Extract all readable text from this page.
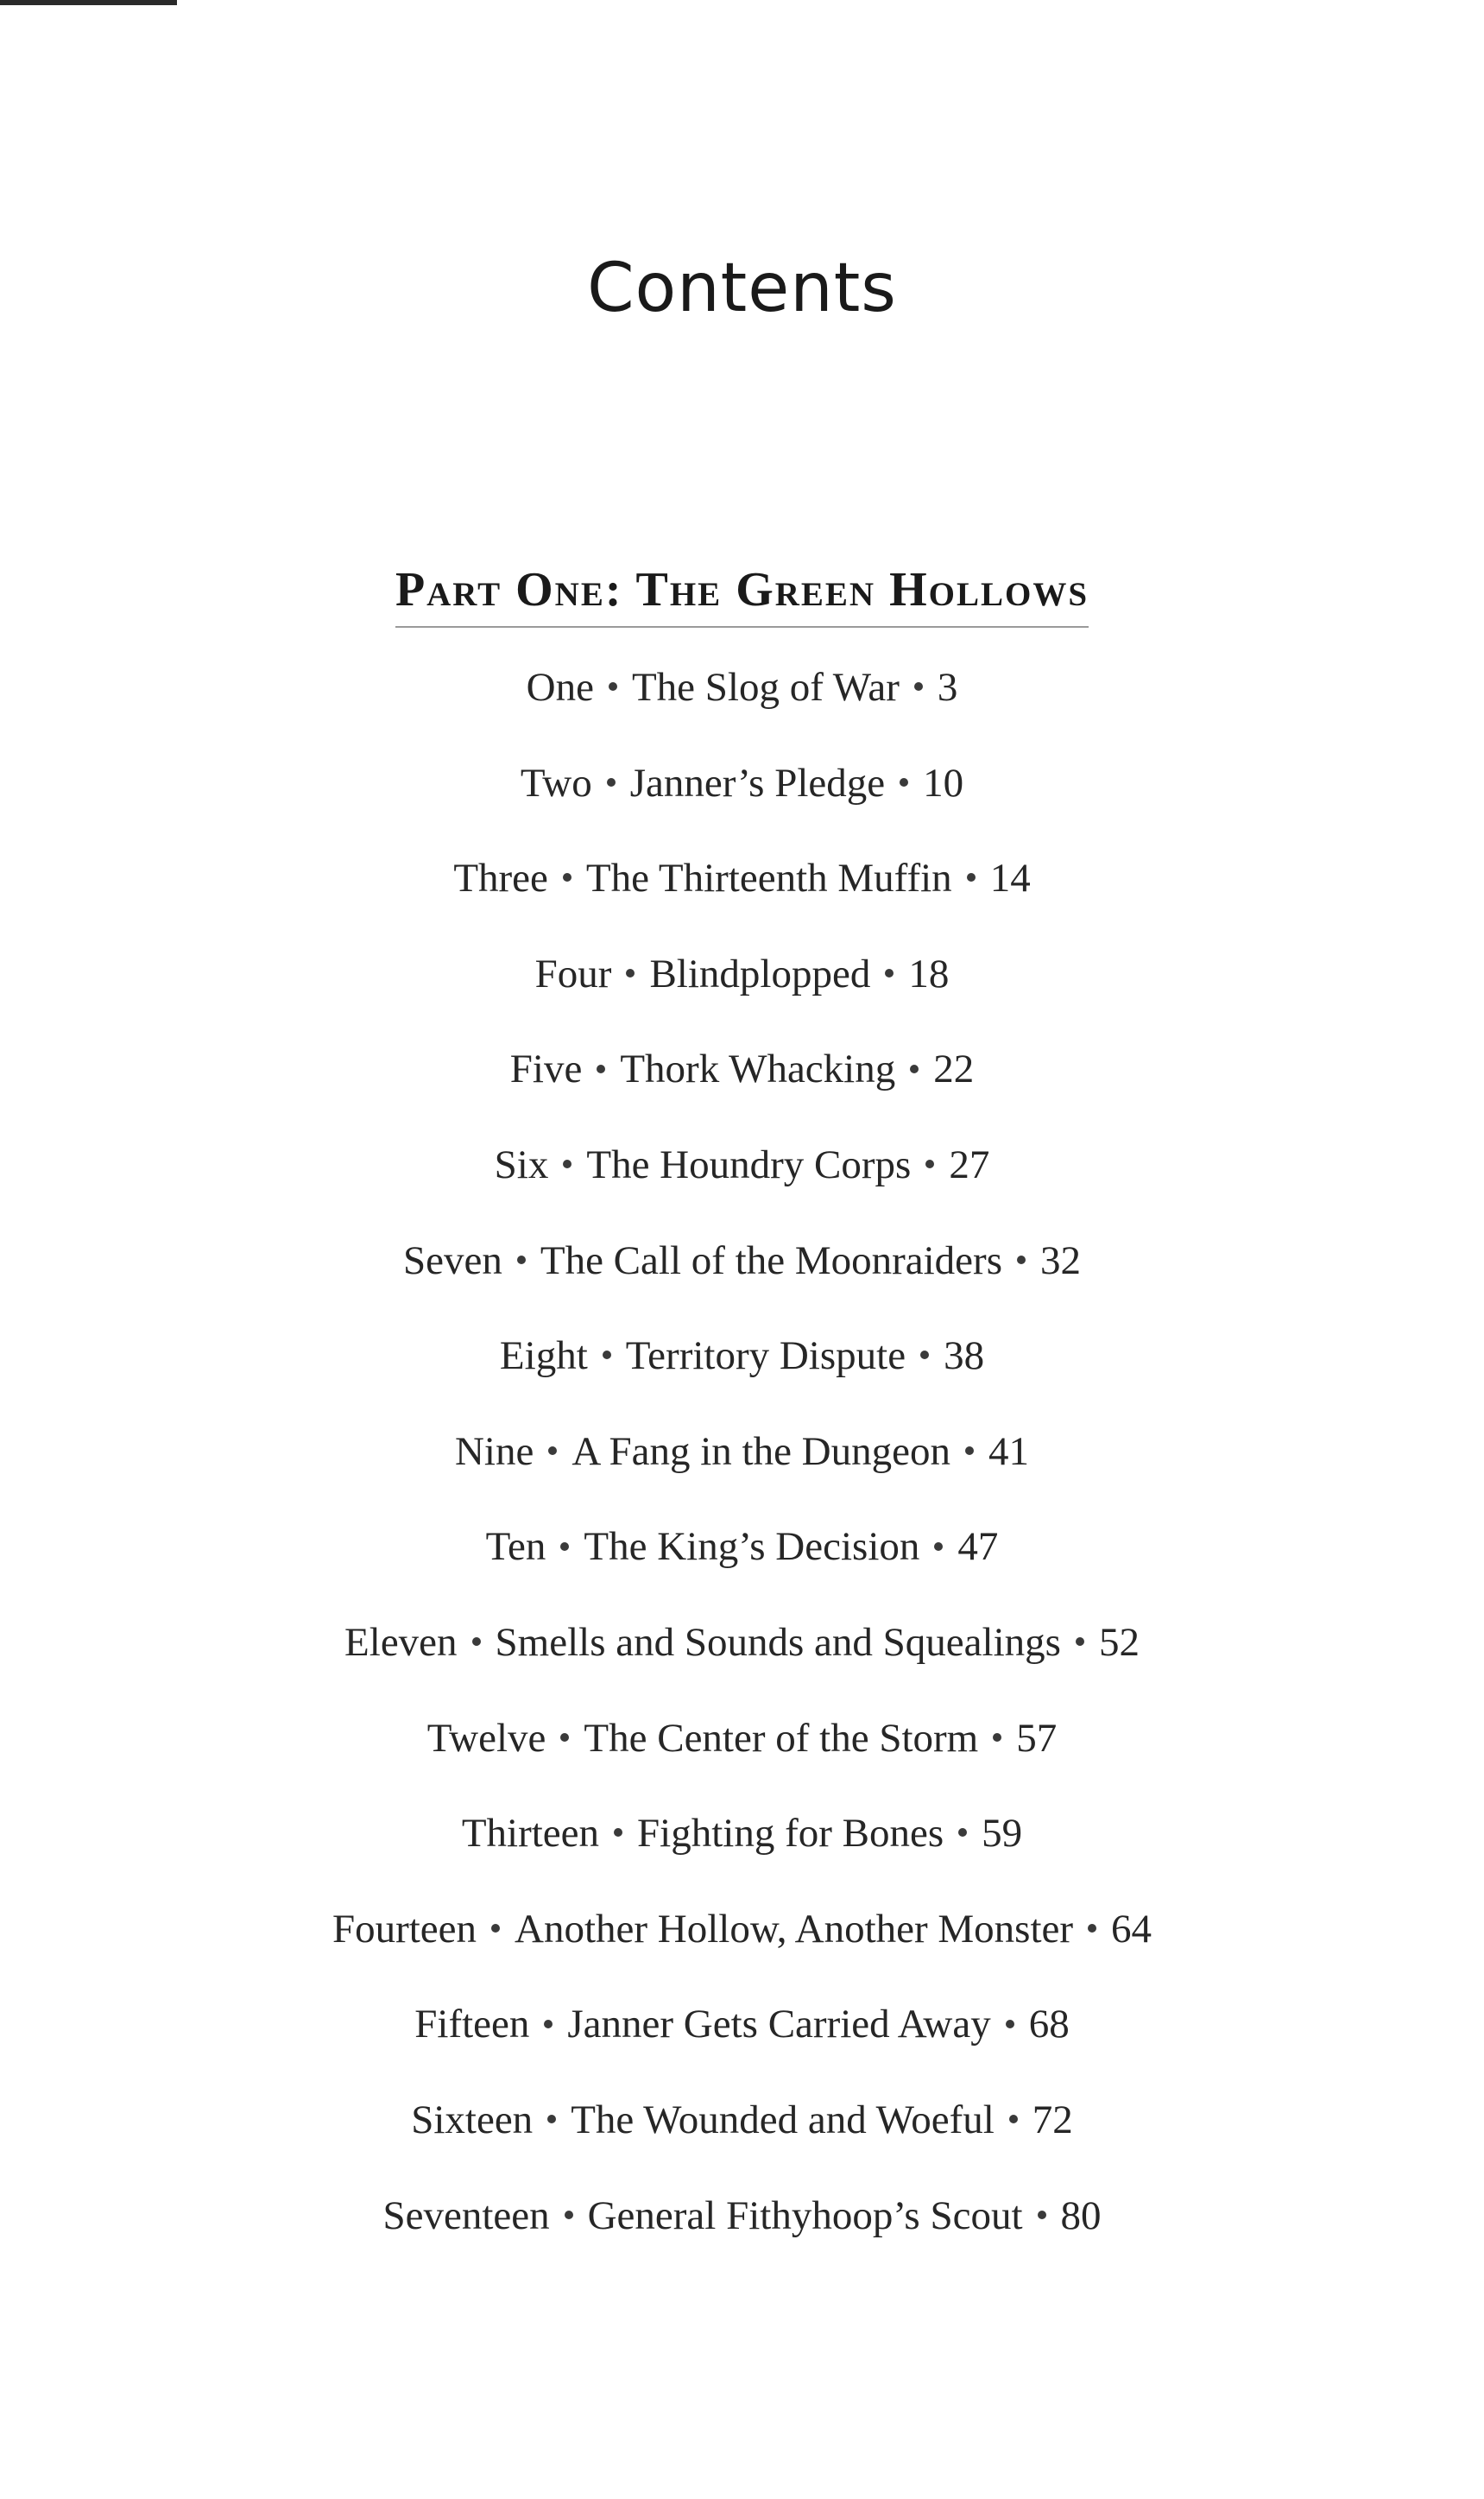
Contents
Part One: The Green Hollows
One The Slog of War 3
Two Janner’s Pledge 10
Three The Thirteenth Muffin 14
Four Blindplopped 18
Five Thork Whacking 22
Six The Houndry Corps 27
Seven The Call of the Moonraiders 32
Eight Territory Dispute 38
Nine A Fang in the Dungeon 41
Ten The King’s Decision 47
Eleven Smells and Sounds and Squealings 52
Twelve The Center of the Storm 57
Thirteen Fighting for Bones 59
Fourteen Another Hollow, Another Monster 64
Fifteen Janner Gets Carried Away 68
Sixteen The Wounded and Woeful 72
Seventeen General Fithyhoop’s Scout 80
